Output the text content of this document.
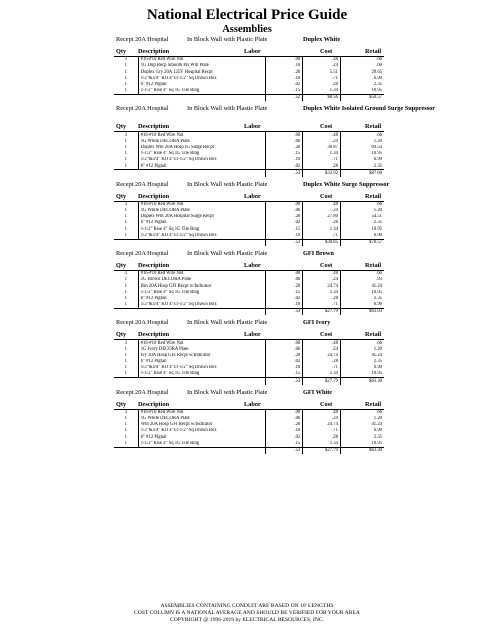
National Electrical Price Guide
Assemblies
Recept 20A Hospital	In Block Wall with Plastic Plate	Duplex White
Qty Description	Labor	Cost	Retail
3	#16-#10 Red Wire Nut	.00	.48	.66
1	1G Dup Recp Smooth Pls Wht Plate	.10	.24	.60
1	Duplex Gry 20A 125V Hospital Recpt	.20	5.51	29.65
1	1/2"&3/4" KO 4"x1-1/2" Sq Drawn Box	.10	.71	6.90
1	6" #12 Pigtail	.02	.28	2.35
1	1-1/2" Rise 4" Sq 1G Tile Ring	.15	1.34	10.95
		.52	$8.56	$50.57
Recept 20A Hospital	In Block Wall with Plastic Plate	Duplex White Isolated Ground Surge Suppressor
Qty Description	Labor	Cost	Retail
3	#16-#10 Red Wire Nut	.00	.48	.66
1	1G White DECORA Plate	.06	.24	1.20
1	Duplex Wht 20A Hosp IG Surge Recpt	.20	30.87	69.54
1	1-1/2" Rise 4" Sq 1G Tile Ring	.15	1.34	10.95
1	1/2"&3/4" KO 4"x1-1/2" Sq Drawn Box	.10	.71	6.90
1	6" #12 Pigtail	.02	.28	2.35
		.53	$33.92	$87.60
Recept 20A Hospital	In Block Wall with Plastic Plate	Duplex White Surge Suppressor
Qty Description	Labor	Cost	Retail
3	#16-#10 Red Wire Nut	.00	.48	.66
1	1G White DECORA Plate	.06	.24	1.20
1	Duplex Wht 20A Hospital Surge Recpt	.20	27.80	54.51
1	6" #12 Pigtail	.02	.28	2.35
1	1-1/2" Rise 4" Sq 1G Tile Ring	.15	1.34	10.95
1	1/2"&3/4" KO 4"x1-1/2" Sq Drawn Box	.10	.71	6.90
		.53	$30.85	$76.57
Recept 20A Hospital	In Block Wall with Plastic Plate	GFI Brown
Qty Description	Labor	Cost	Retail
3	#16-#10 Red Wire Nut	.00	.48	.66
1	1G Brown DECORA Plate	.06	.24	.93
1	Brn 20A Hosp GFI Recpt w/Indicator	.20	24.74	41.24
1	1-1/2" Rise 4" Sq 1G Tile Ring	.15	1.34	10.95
1	6" #12 Pigtail	.02	.28	2.35
1	1/2"&3/4" KO 4"x1-1/2" Sq Drawn Box	.10	.71	6.90
		.53	$27.79	$63.03
Recept 20A Hospital	In Block Wall with Plastic Plate	GFI Ivory
Qty Description	Labor	Cost	Retail
3	#16-#10 Red Wire Nut	.00	.48	.66
1	1G Ivory DECORA Plate	.06	.24	1.20
1	Ivy 20A Hosp GFI Recpt w/Indicator	.20	24.74	41.24
1	6" #12 Pigtail	.02	.28	2.35
1	1/2"&3/4" KO 4"x1-1/2" Sq Drawn Box	.10	.71	6.90
1	1-1/2" Rise 4" Sq 1G Tile Ring	.15	1.34	10.95
		.53	$27.79	$63.30
Recept 20A Hospital	In Block Wall with Plastic Plate	GFI White
Qty Description	Labor	Cost	Retail
3	#16-#10 Red Wire Nut	.00	.48	.66
1	1G White DECORA Plate	.06	.24	1.20
1	Wht 20A Hosp GFI Recpt w/Indicator	.20	24.74	41.24
1	1/2"&3/4" KO 4"x1-1/2" Sq Drawn Box	.10	.71	6.90
1	6" #12 Pigtail	.02	.28	2.35
1	1-1/2" Rise 4" Sq 1G Tile Ring	.15	1.34	10.95
		.53	$27.79	$63.30
ASSEMBLIES CONTAINING CONDUIT ARE BASED ON 10' LENGTHS
COST COLUMN IS A NATIONAL AVERAGE AND SHOULD BE VERIFIED FOR YOUR AREA
COPYRIGHT @ 1996-2019 by ELECTRICAL RESOURCES, INC.
